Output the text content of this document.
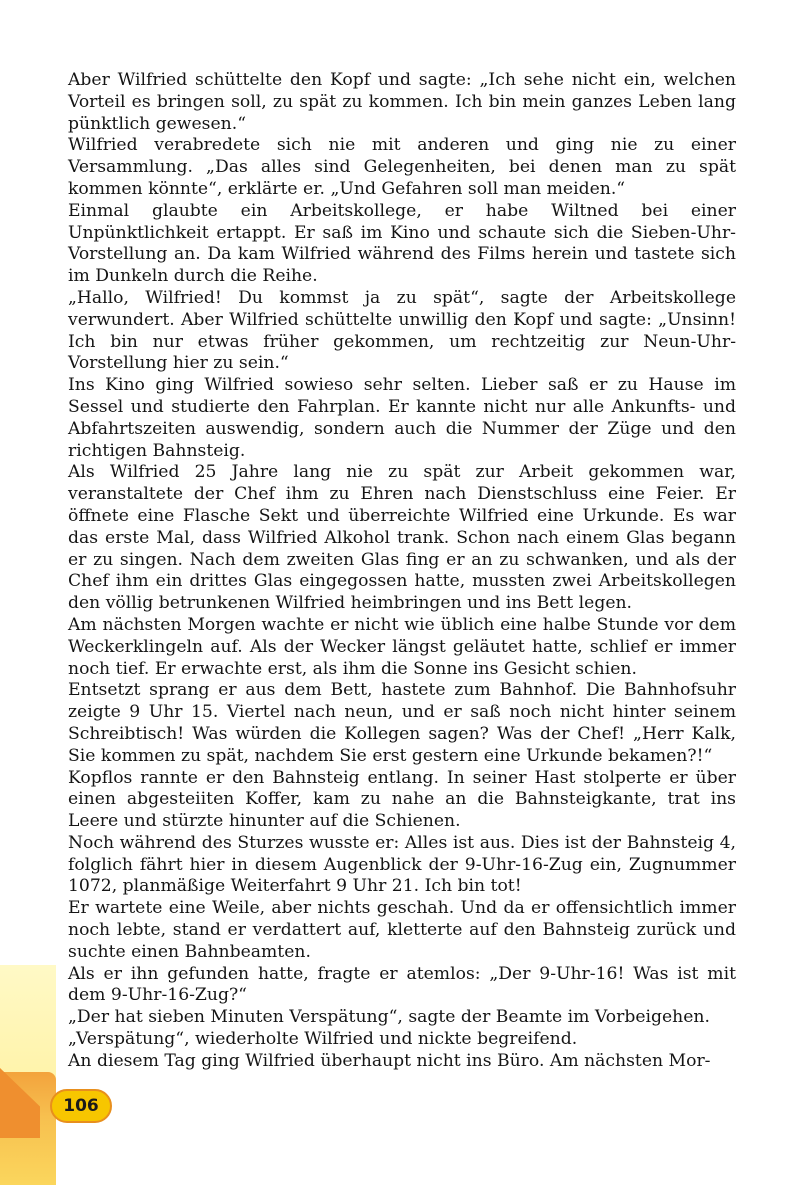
Aber Wilfried schüttelte den Kopf und sagte: „Ich sehe nicht ein, welchen Vorteil es bringen soll, zu spät zu kommen. Ich bin mein ganzes Leben lang pünktlich gewesen.“

Wilfried verabredete sich nie mit anderen und ging nie zu einer Versammlung. „Das alles sind Gelegenheiten, bei denen man zu spät kommen könnte“, erklärte er. „Und Gefahren soll man meiden.“

Einmal glaubte ein Arbeitskollege, er habe Wiltned bei einer Unpünktlichkeit ertappt. Er saß im Kino und schaute sich die Sieben-Uhr-Vorstellung an. Da kam Wilfried während des Films herein und tastete sich im Dunkeln durch die Reihe.

„Hallo, Wilfried! Du kommst ja zu spät“, sagte der Arbeitskollege verwundert. Aber Wilfried schüttelte unwillig den Kopf und sagte: „Unsinn! Ich bin nur etwas früher gekommen, um rechtzeitig zur Neun-Uhr-Vorstellung hier zu sein.“

Ins Kino ging Wilfried sowieso sehr selten. Lieber saß er zu Hause im Sessel und studierte den Fahrplan. Er kannte nicht nur alle Ankunfts- und Abfahrtszeiten auswendig, sondern auch die Nummer der Züge und den richtigen Bahnsteig.

Als Wilfried 25 Jahre lang nie zu spät zur Arbeit gekommen war, veranstaltete der Chef ihm zu Ehren nach Dienstschluss eine Feier. Er öffnete eine Flasche Sekt und überreichte Wilfried eine Urkunde. Es war das erste Mal, dass Wilfried Alkohol trank. Schon nach einem Glas begann er zu singen. Nach dem zweiten Glas fing er an zu schwanken, und als der Chef ihm ein drittes Glas eingegossen hatte, mussten zwei Arbeitskollegen den völlig betrunkenen Wilfried heimbringen und ins Bett legen.

Am nächsten Morgen wachte er nicht wie üblich eine halbe Stunde vor dem Weckerklingeln auf. Als der Wecker längst geläutet hatte, schlief er immer noch tief. Er erwachte erst, als ihm die Sonne ins Gesicht schien.

Entsetzt sprang er aus dem Bett, hastete zum Bahnhof. Die Bahnhofsuhr zeigte 9 Uhr 15. Viertel nach neun, und er saß noch nicht hinter seinem Schreibtisch! Was würden die Kollegen sagen? Was der Chef! „Herr Kalk, Sie kommen zu spät, nachdem Sie erst gestern eine Urkunde bekamen?!“

Kopflos rannte er den Bahnsteig entlang. In seiner Hast stolperte er über einen abgesteiiten Koffer, kam zu nahe an die Bahnsteigkante, trat ins Leere und stürzte hinunter auf die Schienen.

Noch während des Sturzes wusste er: Alles ist aus. Dies ist der Bahnsteig 4, folglich fährt hier in diesem Augenblick der 9-Uhr-16-Zug ein, Zugnummer 1072, planmäßige Weiterfahrt 9 Uhr 21. Ich bin tot!

Er wartete eine Weile, aber nichts geschah. Und da er offensichtlich immer noch lebte, stand er verdattert auf, kletterte auf den Bahnsteig zurück und suchte einen Bahnbeamten.

Als er ihn gefunden hatte, fragte er atemlos: „Der 9-Uhr-16! Was ist mit dem 9-Uhr-16-Zug?“

„Der hat sieben Minuten Verspätung“, sagte der Beamte im Vorbeigehen.

„Verspätung“, wiederholte Wilfried und nickte begreifend.

An diesem Tag ging Wilfried überhaupt nicht ins Büro. Am nächsten Mor-

106
